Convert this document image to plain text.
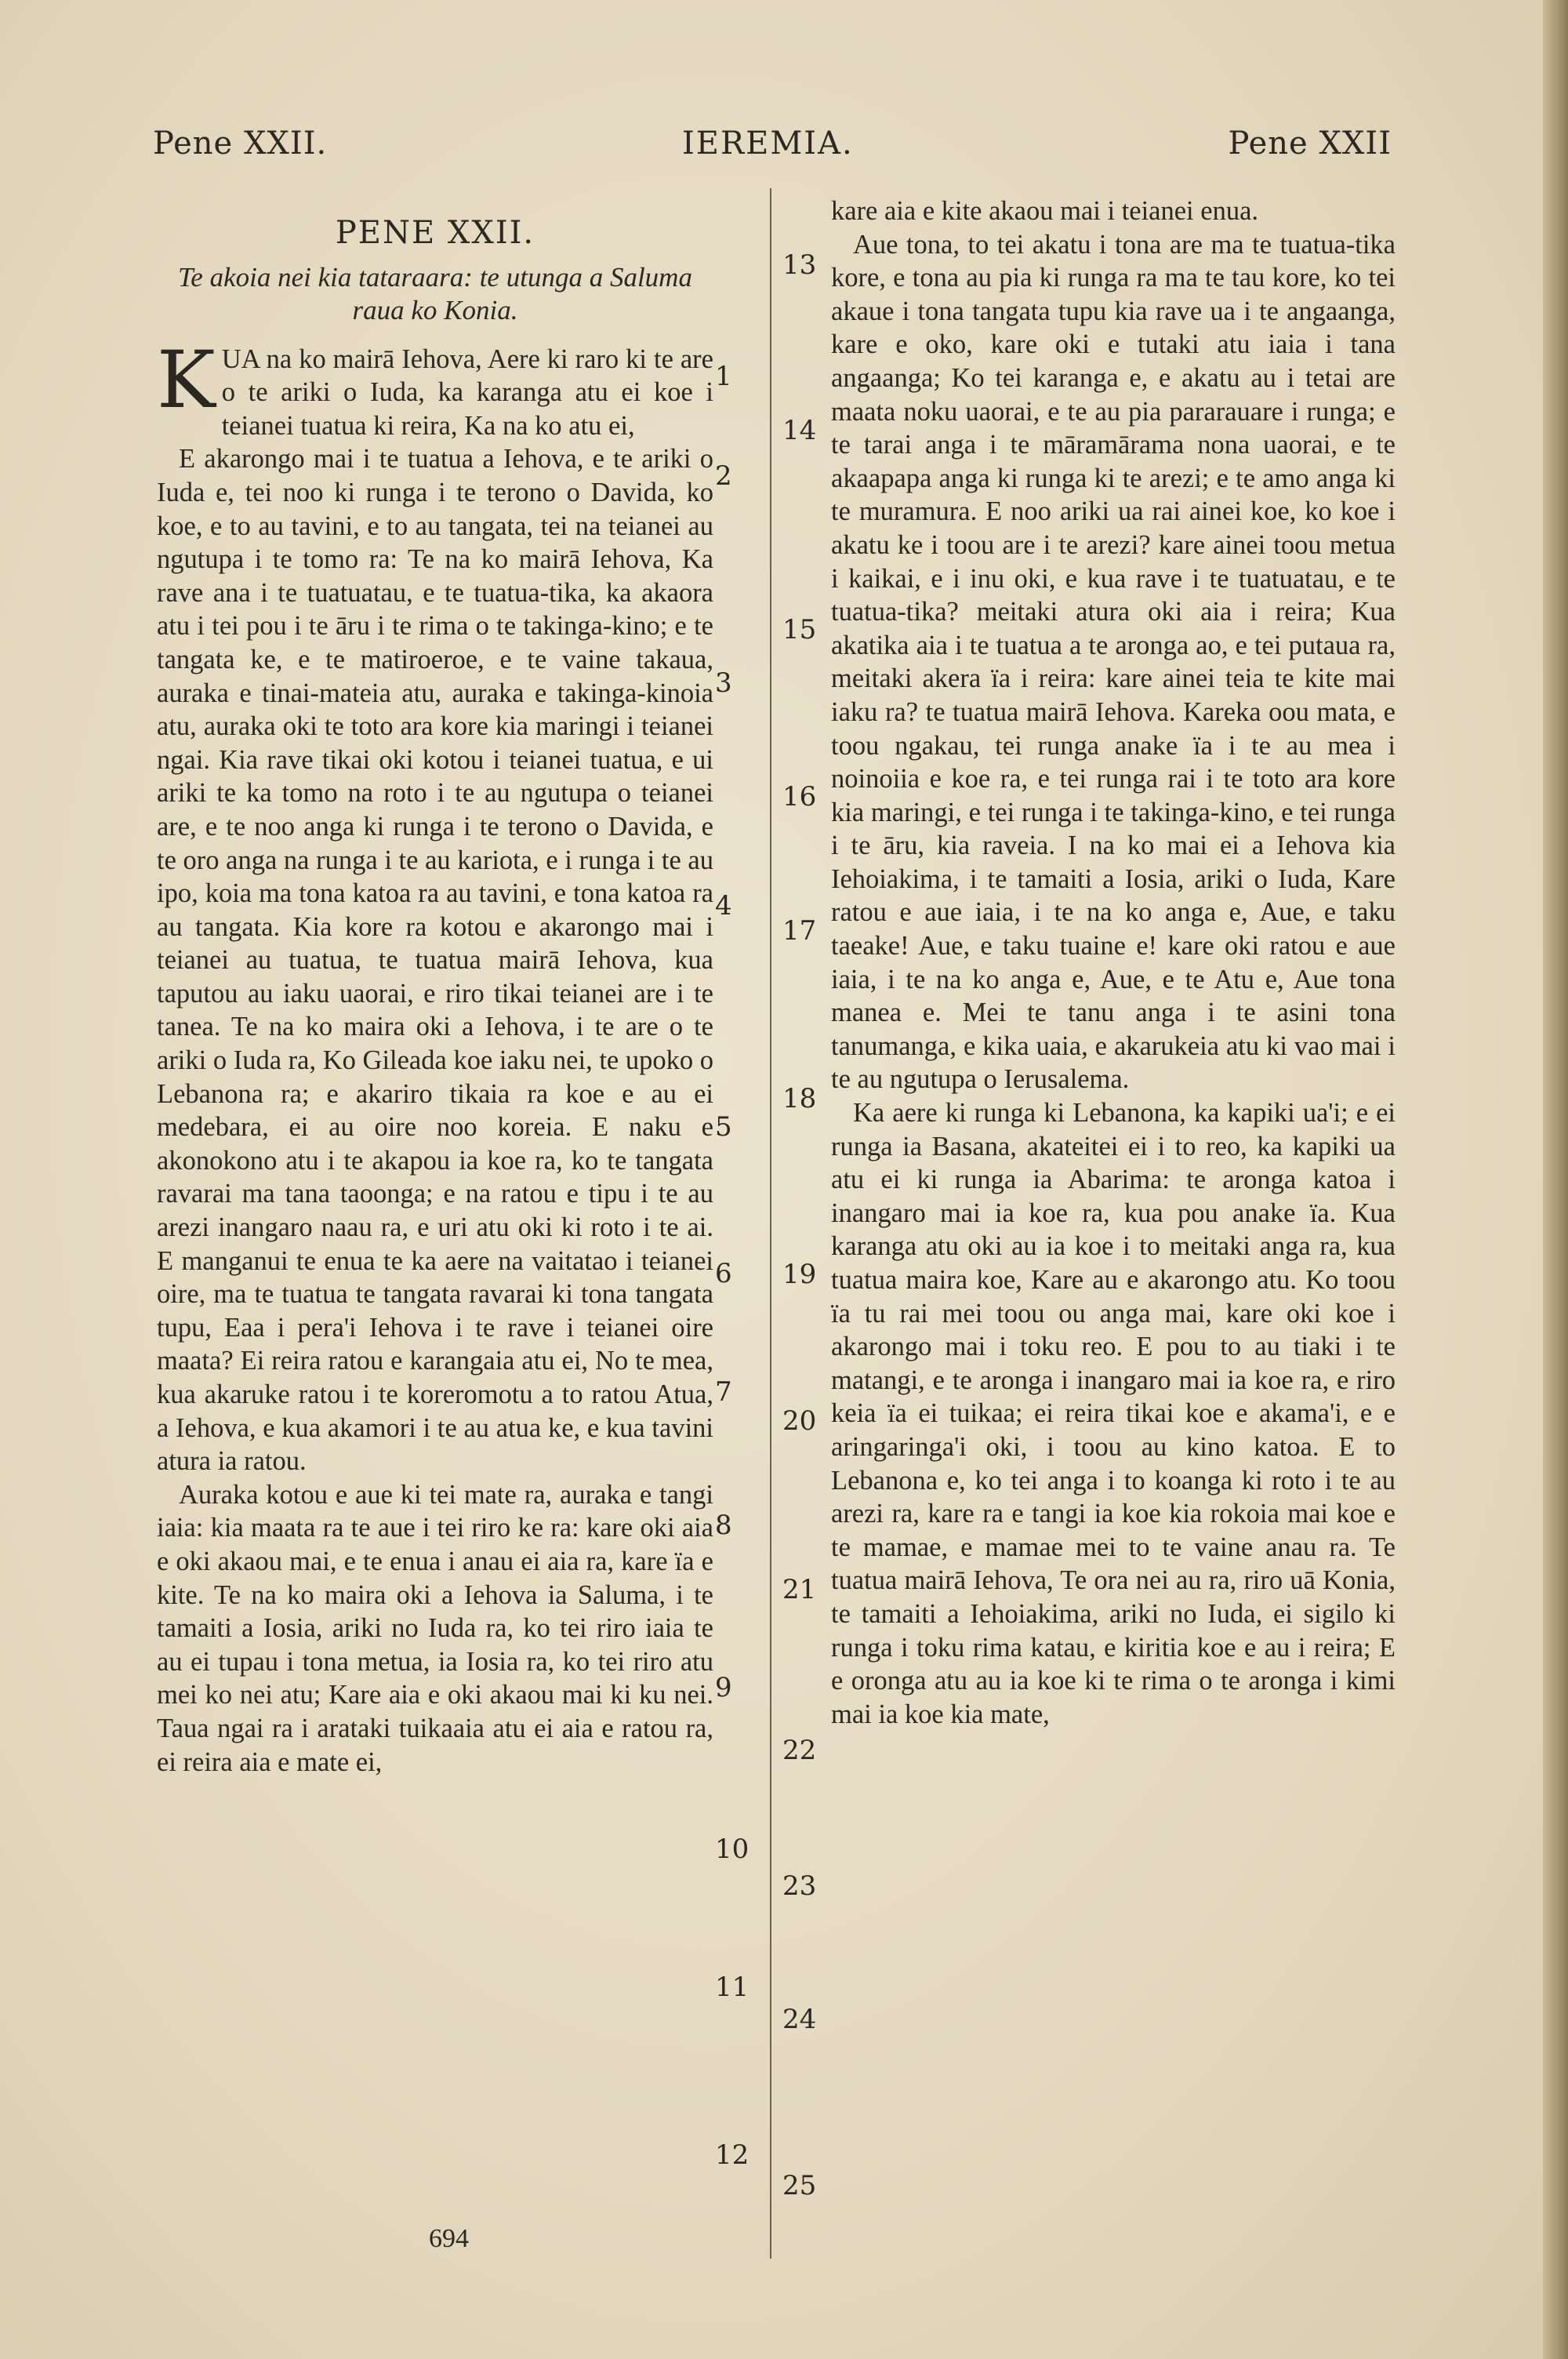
Pene XXII.	IEREMIA.	Pene XXII
PENE XXII.
Te akoia nei kia tataraara: te utunga a Saluma raua ko Konia.

KUA na ko mairā Iehova, Aere ki raro ki te are o te ariki o Iuda, ka karanga atu ei koe i teianei tuatua ki reira, Ka na ko atu ei,

E akarongo mai i te tuatua a Iehova, e te ariki o Iuda e, tei noo ki runga i te terono o Davida, ko koe, e to au tavini, e to au tangata, tei na teianei au ngutupa i te tomo ra: Te na ko mairā Iehova, Ka rave ana i te tuatuatau, e te tuatua-tika, ka akaora atu i tei pou i te āru i te rima o te takinga-kino; e te tangata ke, e te matiroeroe, e te vaine takaua, auraka e tinai-mateia atu, auraka e takinga-kinoia atu, auraka oki te toto ara kore kia maringi i teianei ngai. Kia rave tikai oki kotou i teianei tuatua, e ui ariki te ka tomo na roto i te au ngutupa o teianei are, e te noo anga ki runga i te terono o Davida, e te oro anga na runga i te au kariota, e i runga i te au ipo, koia ma tona katoa ra au tavini, e tona katoa ra au tangata. Kia kore ra kotou e akarongo mai i teianei au tuatua, te tuatua mairā Iehova, kua taputou au iaku uaorai, e riro tikai teianei are i te tanea. Te na ko maira oki a Iehova, i te are o te ariki o Iuda ra, Ko Gileada koe iaku nei, te upoko o Lebanona ra; e akariro tikaia ra koe e au ei medebara, ei au oire noo koreia. E naku e akonokono atu i te akapou ia koe ra, ko te tangata ravarai ma tana taoonga; e na ratou e tipu i te au arezi inangaro naau ra, e uri atu oki ki roto i te ai. E manganui te enua te ka aere na vaitatao i teianei oire, ma te tuatua te tangata ravarai ki tona tangata tupu, Eaa i pera'i Iehova i te rave i teianei oire maata? Ei reira ratou e karangaia atu ei, No te mea, kua akaruke ratou i te koreromotu a to ratou Atua, a Iehova, e kua akamori i te au atua ke, e kua tavini atura ia ratou.

Auraka kotou e aue ki tei mate ra, auraka e tangi iaia: kia maata ra te aue i tei riro ke ra: kare oki aia e oki akaou mai, e te enua i anau ei aia ra, kare ïa e kite. Te na ko maira oki a Iehova ia Saluma, i te tamaiti a Iosia, ariki no Iuda ra, ko tei riro iaia te au ei tupau i tona metua, ia Iosia ra, ko tei riro atu mei ko nei atu; Kare aia e oki akaou mai ki ku nei. Taua ngai ra i arataki tuikaaia atu ei aia e ratou ra, ei reira aia e mate ei,

1
2
3
4
5
6
7
8
9
10
11
12

kare aia e kite akaou mai i teianei enua.

Aue tona, to tei akatu i tona are ma te tuatua-tika kore, e tona au pia ki runga ra ma te tau kore, ko tei akaue i tona tangata tupu kia rave ua i te angaanga, kare e oko, kare oki e tutaki atu iaia i tana angaanga; Ko tei karanga e, e akatu au i tetai are maata noku uaorai, e te au pia pararauare i runga; e te tarai anga i te māramārama nona uaorai, e te akaapapa anga ki runga ki te arezi; e te amo anga ki te muramura. E noo ariki ua rai ainei koe, ko koe i akatu ke i toou are i te arezi? kare ainei toou metua i kaikai, e i inu oki, e kua rave i te tuatuatau, e te tuatua-tika? meitaki atura oki aia i reira; Kua akatika aia i te tuatua a te aronga ao, e tei putaua ra, meitaki akera ïa i reira: kare ainei teia te kite mai iaku ra? te tuatua mairā Iehova. Kareka oou mata, e toou ngakau, tei runga anake ïa i te au mea i noinoiia e koe ra, e tei runga rai i te toto ara kore kia maringi, e tei runga i te takinga-kino, e tei runga i te āru, kia raveia. I na ko mai ei a Iehova kia Iehoiakima, i te tamaiti a Iosia, ariki o Iuda, Kare ratou e aue iaia, i te na ko anga e, Aue, e taku taeake! Aue, e taku tuaine e! kare oki ratou e aue iaia, i te na ko anga e, Aue, e te Atu e, Aue tona manea e. Mei te tanu anga i te asini tona tanumanga, e kika uaia, e akarukeia atu ki vao mai i te au ngutupa o Ierusalema.

Ka aere ki runga ki Lebanona, ka kapiki ua'i; e ei runga ia Basana, akateitei ei i to reo, ka kapiki ua atu ei ki runga ia Abarima: te aronga katoa i inangaro mai ia koe ra, kua pou anake ïa. Kua karanga atu oki au ia koe i to meitaki anga ra, kua tuatua maira koe, Kare au e akarongo atu. Ko toou ïa tu rai mei toou ou anga mai, kare oki koe i akarongo mai i toku reo. E pou to au tiaki i te matangi, e te aronga i inangaro mai ia koe ra, e riro keia ïa ei tuikaa; ei reira tikai koe e akama'i, e e aringaringa'i oki, i toou au kino katoa. E to Lebanona e, ko tei anga i to koanga ki roto i te au arezi ra, kare ra e tangi ia koe kia rokoia mai koe e te mamae, e mamae mei to te vaine anau ra. Te tuatua mairā Iehova, Te ora nei au ra, riro uā Konia, te tamaiti a Iehoiakima, ariki no Iuda, ei sigilo ki runga i toku rima katau, e kiritia koe e au i reira; E e oronga atu au ia koe ki te rima o te aronga i kimi mai ia koe kia mate,

13
14
15
16
17
18
19
20
21
22
23
24
25
694
